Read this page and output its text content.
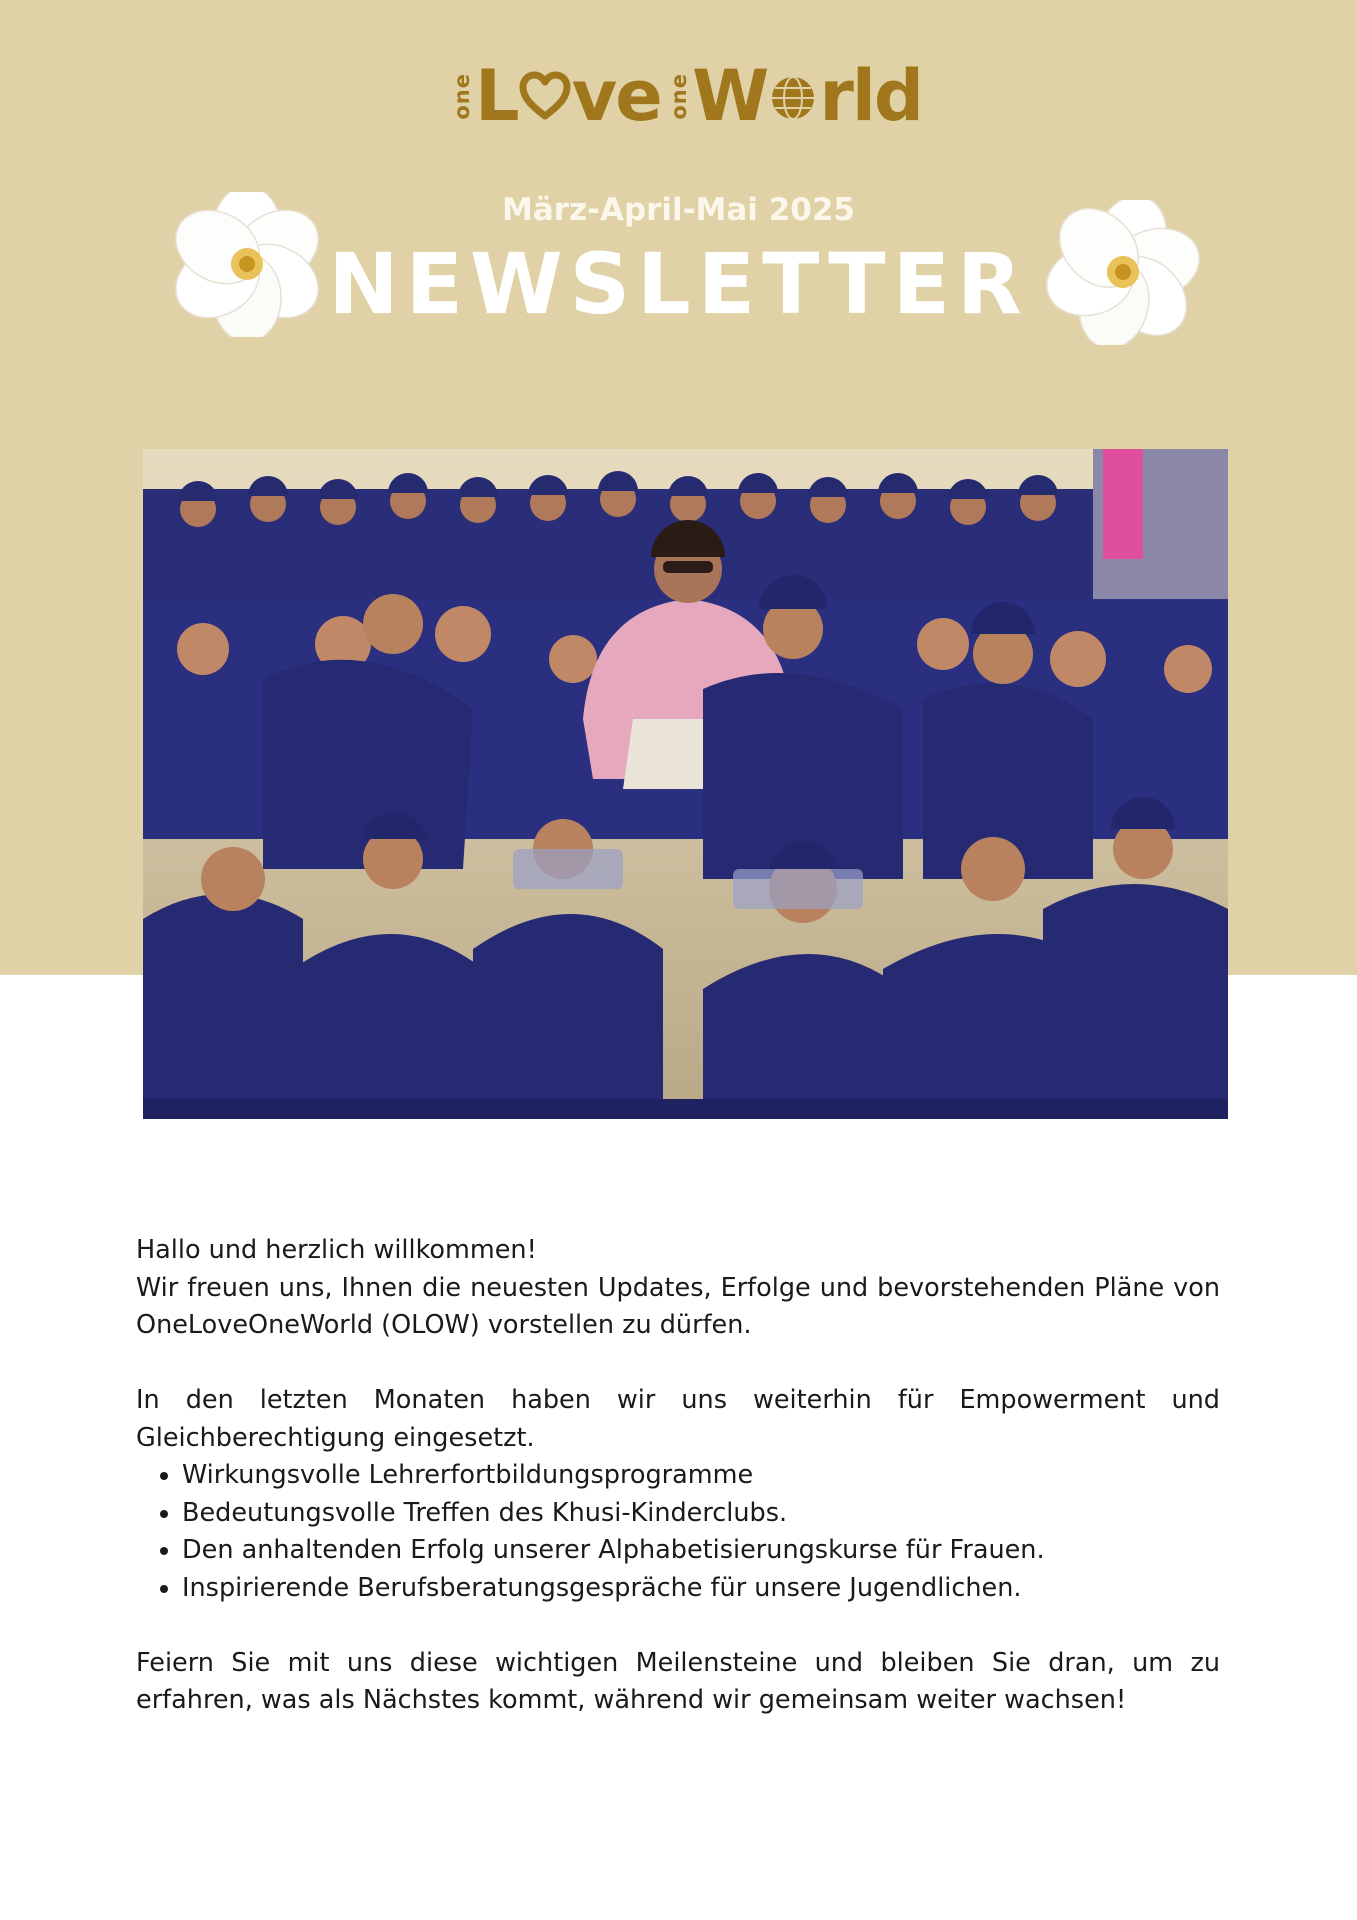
one L ve one W rld
März-April-Mai 2025
NEWSLETTER

Hallo und herzlich willkommen!

Wir freuen uns, Ihnen die neuesten Updates, Erfolge und bevorstehenden Pläne von OneLoveOneWorld (OLOW) vorstellen zu dürfen.

In den letzten Monaten haben wir uns weiterhin für Empowerment und Gleichberechtigung eingesetzt.

• Wirkungsvolle Lehrerfortbildungsprogramme
• Bedeutungsvolle Treffen des Khusi-Kinderclubs.
• Den anhaltenden Erfolg unserer Alphabetisierungskurse für Frauen.
• Inspirierende Berufsberatungsgespräche für unsere Jugendlichen.

Feiern Sie mit uns diese wichtigen Meilensteine und bleiben Sie dran, um zu erfahren, was als Nächstes kommt, während wir gemeinsam weiter wachsen!
